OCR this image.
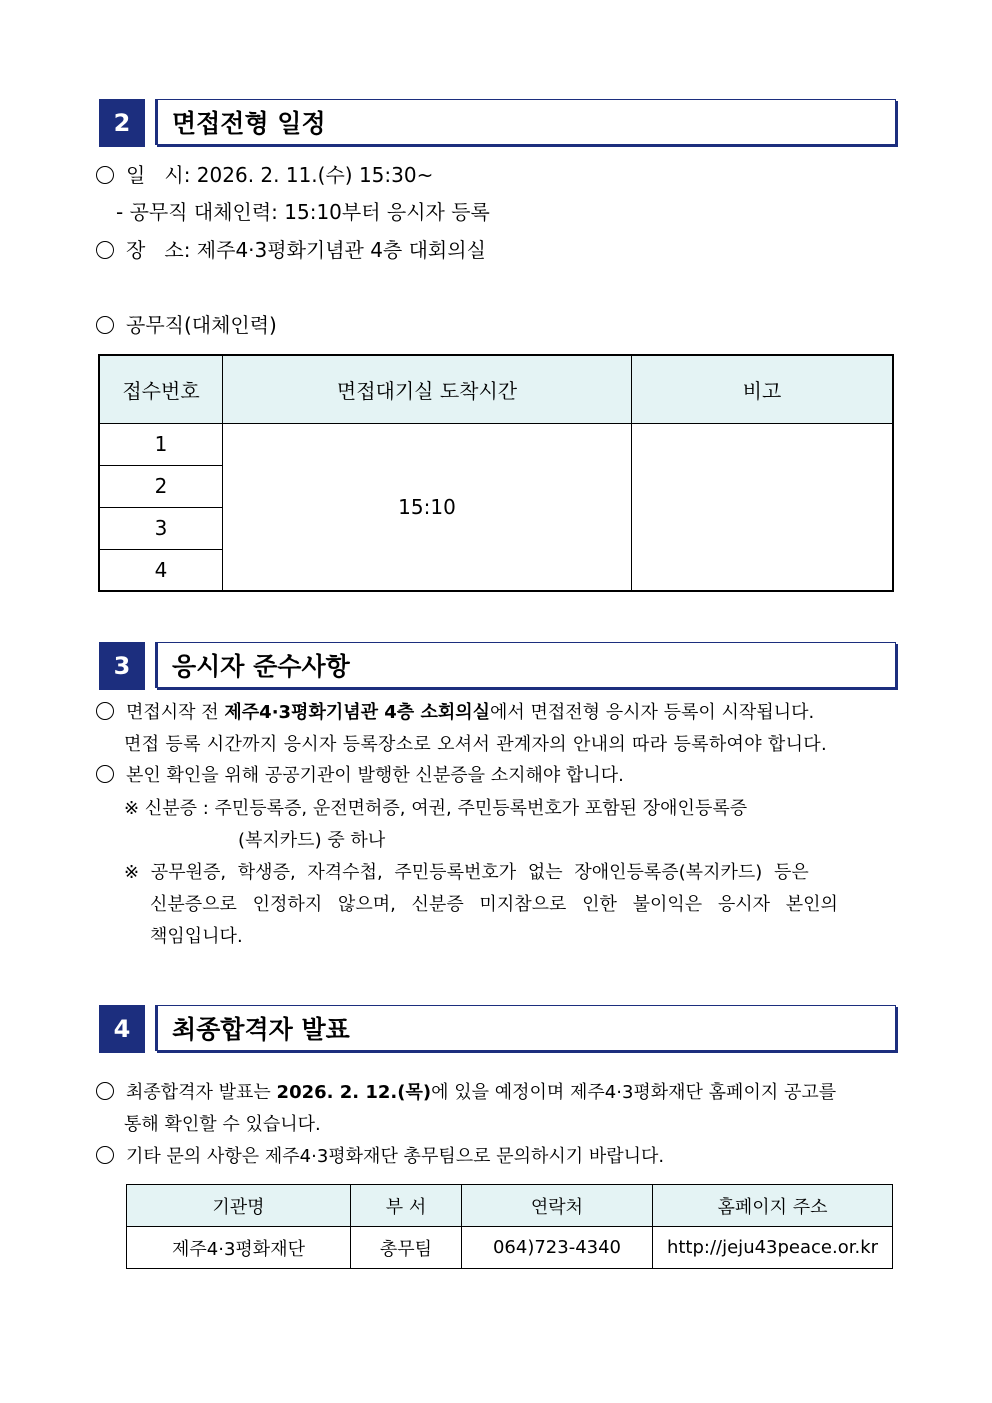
2	면접전형 일정
일   시: 2026. 2. 11.(수) 15:30~
- 공무직 대체인력: 15:10부터 응시자 등록
장   소: 제주4·3평화기념관 4층 대회의실
공무직(대체인력)
접수번호	면접대기실 도착시간	비고
1	15:10	
2		
3		
4		
3	응시자 준수사항
면접시작 전 제주4·3평화기념관 4층 소회의실에서 면접전형 응시자 등록이 시작됩니다.
면접 등록 시간까지 응시자 등록장소로 오셔서 관계자의 안내의 따라 등록하여야 합니다.
본인 확인을 위해 공공기관이 발행한 신분증을 소지해야 합니다.
※ 신분증 : 주민등록증, 운전면허증, 여권, 주민등록번호가 포함된 장애인등록증
(복지카드) 중 하나
※ 공무원증, 학생증, 자격수첩, 주민등록번호가 없는 장애인등록증(복지카드) 등은
신분증으로 인정하지 않으며, 신분증 미지참으로 인한 불이익은 응시자 본인의
책임입니다.
4	최종합격자 발표
최종합격자 발표는 2026. 2. 12.(목)에 있을 예정이며 제주4·3평화재단 홈페이지 공고를
통해 확인할 수 있습니다.
기타 문의 사항은 제주4·3평화재단 총무팀으로 문의하시기 바랍니다.
기관명	부 서	연락처	홈페이지 주소
제주4·3평화재단	총무팀	064)723-4340	http://jeju43peace.or.kr
